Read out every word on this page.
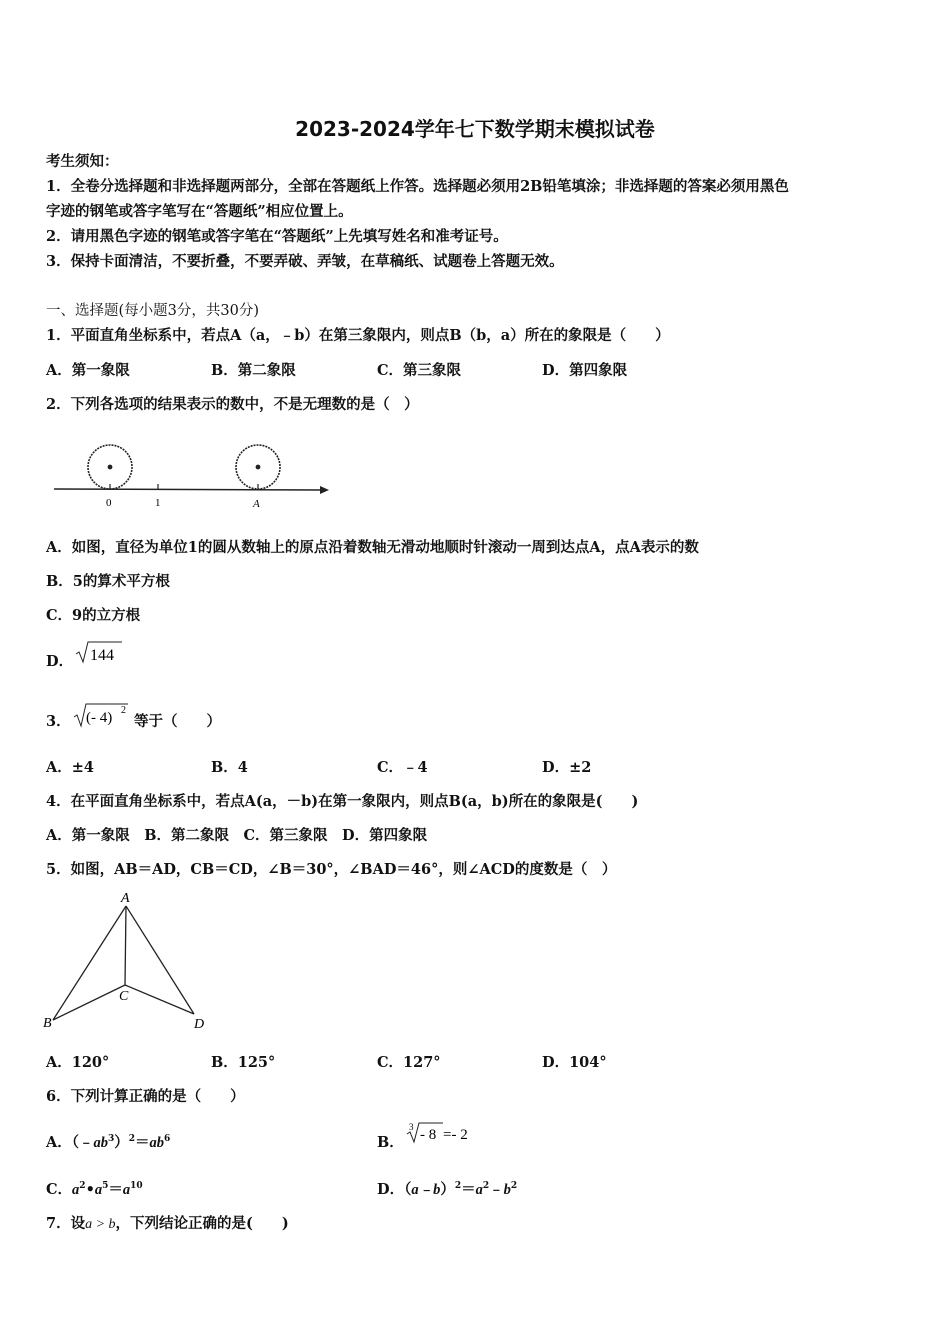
2023-2024学年七下数学期末模拟试卷
考生须知：
1．全卷分选择题和非选择题两部分，全部在答题纸上作答。选择题必须用2B铅笔填涂；非选择题的答案必须用黑色
字迹的钢笔或答字笔写在“答题纸”相应位置上。
2．请用黑色字迹的钢笔或答字笔在“答题纸”上先填写姓名和准考证号。
3．保持卡面清洁，不要折叠，不要弄破、弄皱，在草稿纸、试题卷上答题无效。
一、选择题(每小题3分，共30分)
1．平面直角坐标系中，若点A（a，﹣b）在第三象限内，则点B（b，a）所在的象限是（　　）
A．第一象限	B．第二象限	C．第三象限	D．第四象限
2．下列各选项的结果表示的数中，不是无理数的是（　）
0	1	A
A．如图，直径为单位1的圆从数轴上的原点沿着数轴无滑动地顺时针滚动一周到达点A，点A表示的数
B．5的算术平方根
C．9的立方根
D． 144
3． (- 4) 2
等于（　　）
A．±4	B．4	C．﹣4	D．±2
4．在平面直角坐标系中，若点A(a，－b)在第一象限内，则点B(a，b)所在的象限是(　　)
A．第一象限　B．第二象限　C．第三象限　D．第四象限
5．如图，AB＝AD，CB＝CD，∠B＝30°，∠BAD＝46°，则∠ACD的度数是（　）
A
B
C
D
A．120°	B．125°	C．127°	D．104°
6．下列计算正确的是（　　）
A．$(﹣ab^3)^2=ab^6$	B．
3 - 8 =- 2
C．$a^2•a^5=a^{10}$	D．$(a﹣b)^2=a^2﹣b^2$
7．设a > b，下列结论正确的是(　　)
